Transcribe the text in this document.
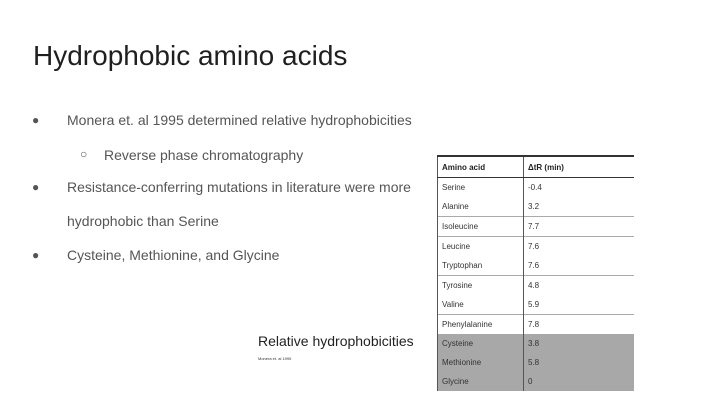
Hydrophobic amino acids
● Monera et. al 1995 determined relative hydrophobicities
○ Reverse phase chromatography
● Resistance-conferring mutations in literature were more
hydrophobic than Serine
● Cysteine, Methionine, and Glycine
Relative hydrophobicities
Monera et. al 1995
Amino acid	ΔtR (min)
Serine	-0.4
Alanine	3.2
Isoleucine	7.7
Leucine	7.6
Tryptophan	7.6
Tyrosine	4.8
Valine	5.9
Phenylalanine	7.8
Cysteine	3.8
Methionine	5.8
Glycine	0
